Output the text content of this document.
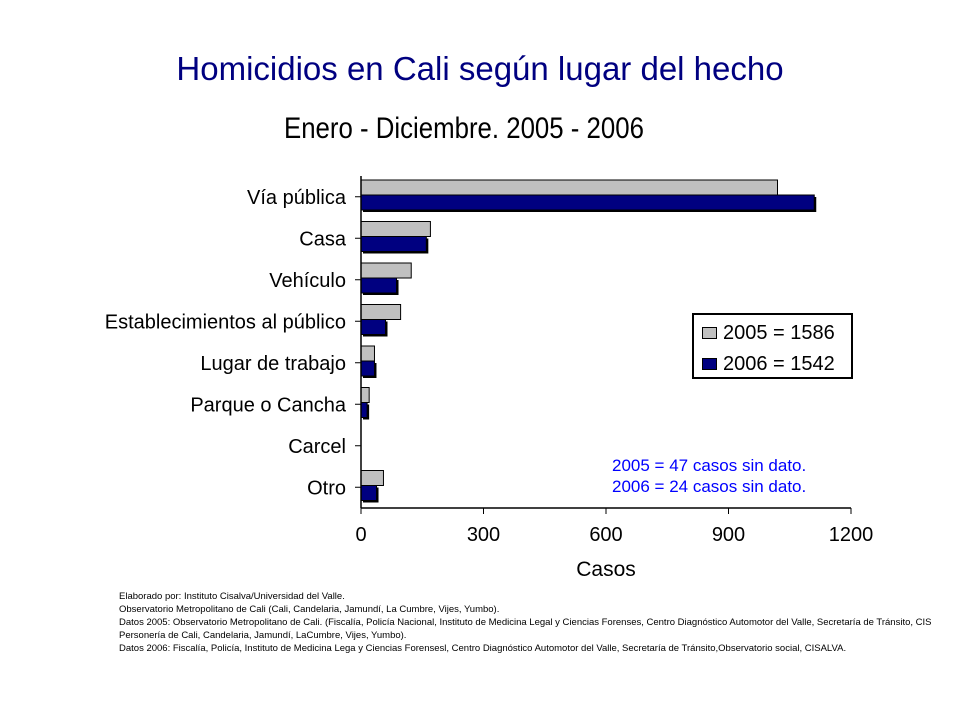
Homicidios en Cali según lugar del hecho
Enero - Diciembre. 2005 - 2006
Vía pública
Casa
Vehículo
Establecimientos al público
Lugar de trabajo
Parque o Cancha
Carcel
Otro
0	300	600	900	1200
Casos
2005 = 1586
2006 = 1542
2005 = 47 casos sin dato.
2006 = 24 casos sin dato.
Elaborado por: Instituto Cisalva/Universidad del Valle.
Observatorio Metropolitano de Cali (Cali, Candelaria, Jamundí, La Cumbre, Vijes, Yumbo).
Datos 2005: Observatorio Metropolitano de Cali. (Fiscalía, Policía Nacional, Instituto de Medicina Legal y Ciencias Forenses, Centro Diagnóstico Automotor del Valle, Secretaría de Tránsito, CIS
Personería de Cali, Candelaria, Jamundí, LaCumbre, Vijes, Yumbo).
Datos 2006: Fiscalía, Policía, Instituto de Medicina Lega y Ciencias Forensesl, Centro Diagnóstico Automotor del Valle, Secretaría de Tránsito,Observatorio social, CISALVA.
